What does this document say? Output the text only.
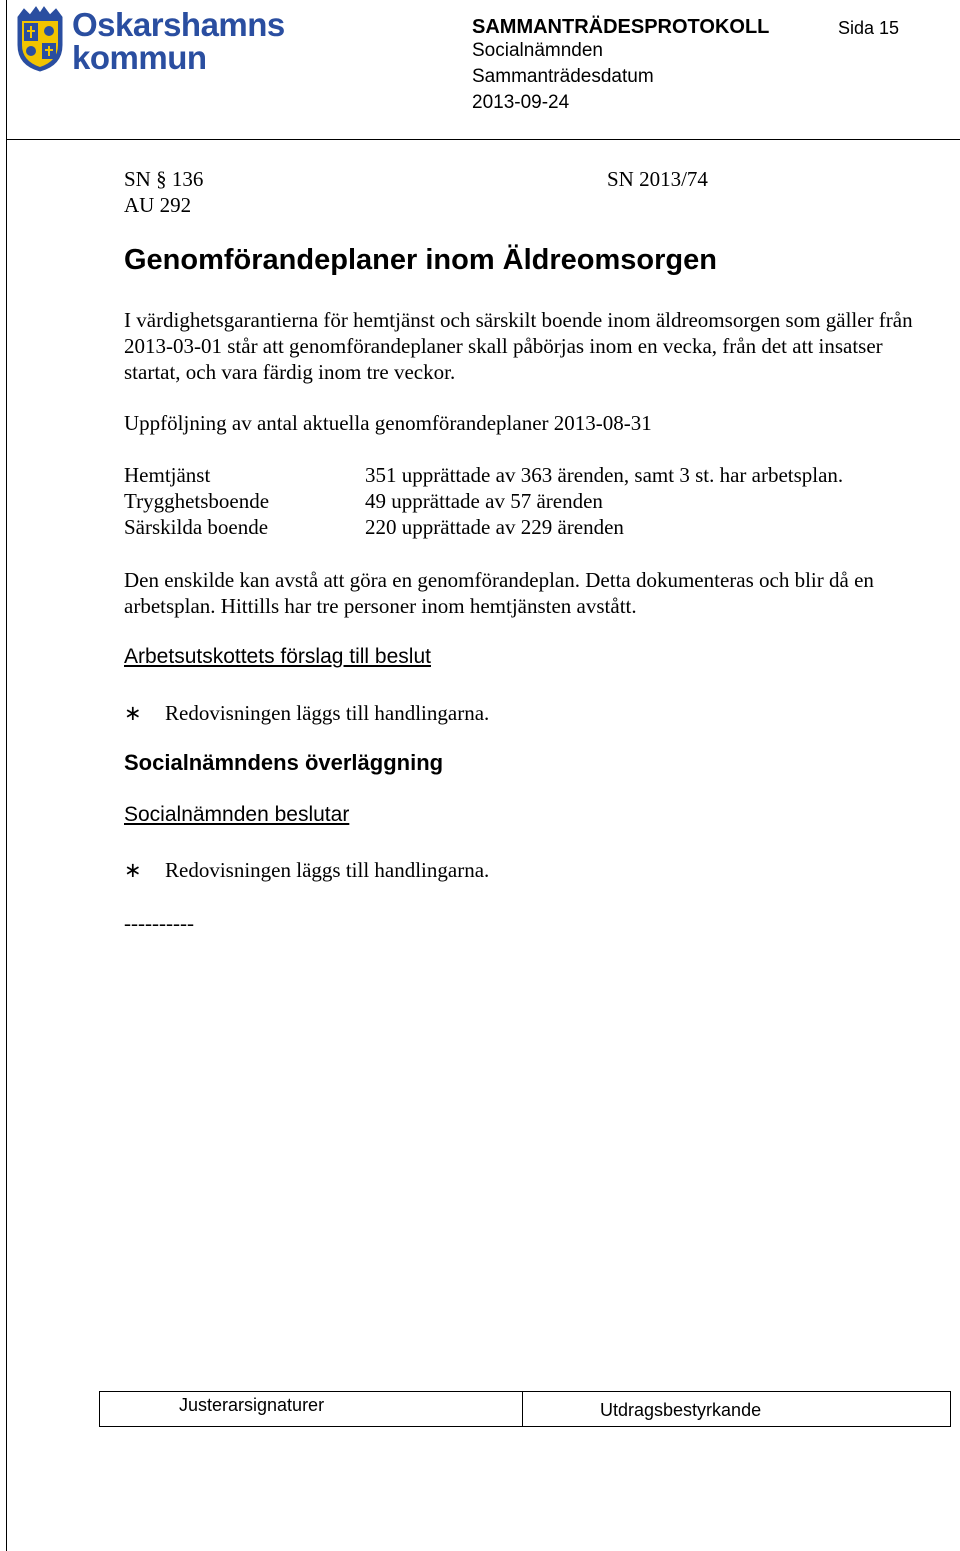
Oskarshamns
kommun
SAMMANTRÄDESPROTOKOLL	Sida 15
Socialnämnden
Sammanträdesdatum
2013-09-24
SN § 136
AU 292
SN 2013/74
Genomförandeplaner inom Äldreomsorgen
I värdighetsgarantierna för hemtjänst och särskilt boende inom äldreomsorgen som gäller från 2013-03-01 står att genomförandeplaner skall påbörjas inom en vecka, från det att insatser startat, och vara färdig inom tre veckor.
Uppföljning av antal aktuella genomförandeplaner 2013-08-31
Hemtjänst	351 upprättade av 363 ärenden, samt 3 st. har arbetsplan.
Trygghetsboende	49 upprättade av 57 ärenden
Särskilda boende	220 upprättade av 229 ärenden
Den enskilde kan avstå att göra en genomförandeplan. Detta dokumenteras och blir då en arbetsplan. Hittills har tre personer inom hemtjänsten avstått.
Arbetsutskottets förslag till beslut
∗ Redovisningen läggs till handlingarna.
Socialnämndens överläggning
Socialnämnden beslutar
∗ Redovisningen läggs till handlingarna.
----------
Justerarsignaturer	Utdragsbestyrkande
